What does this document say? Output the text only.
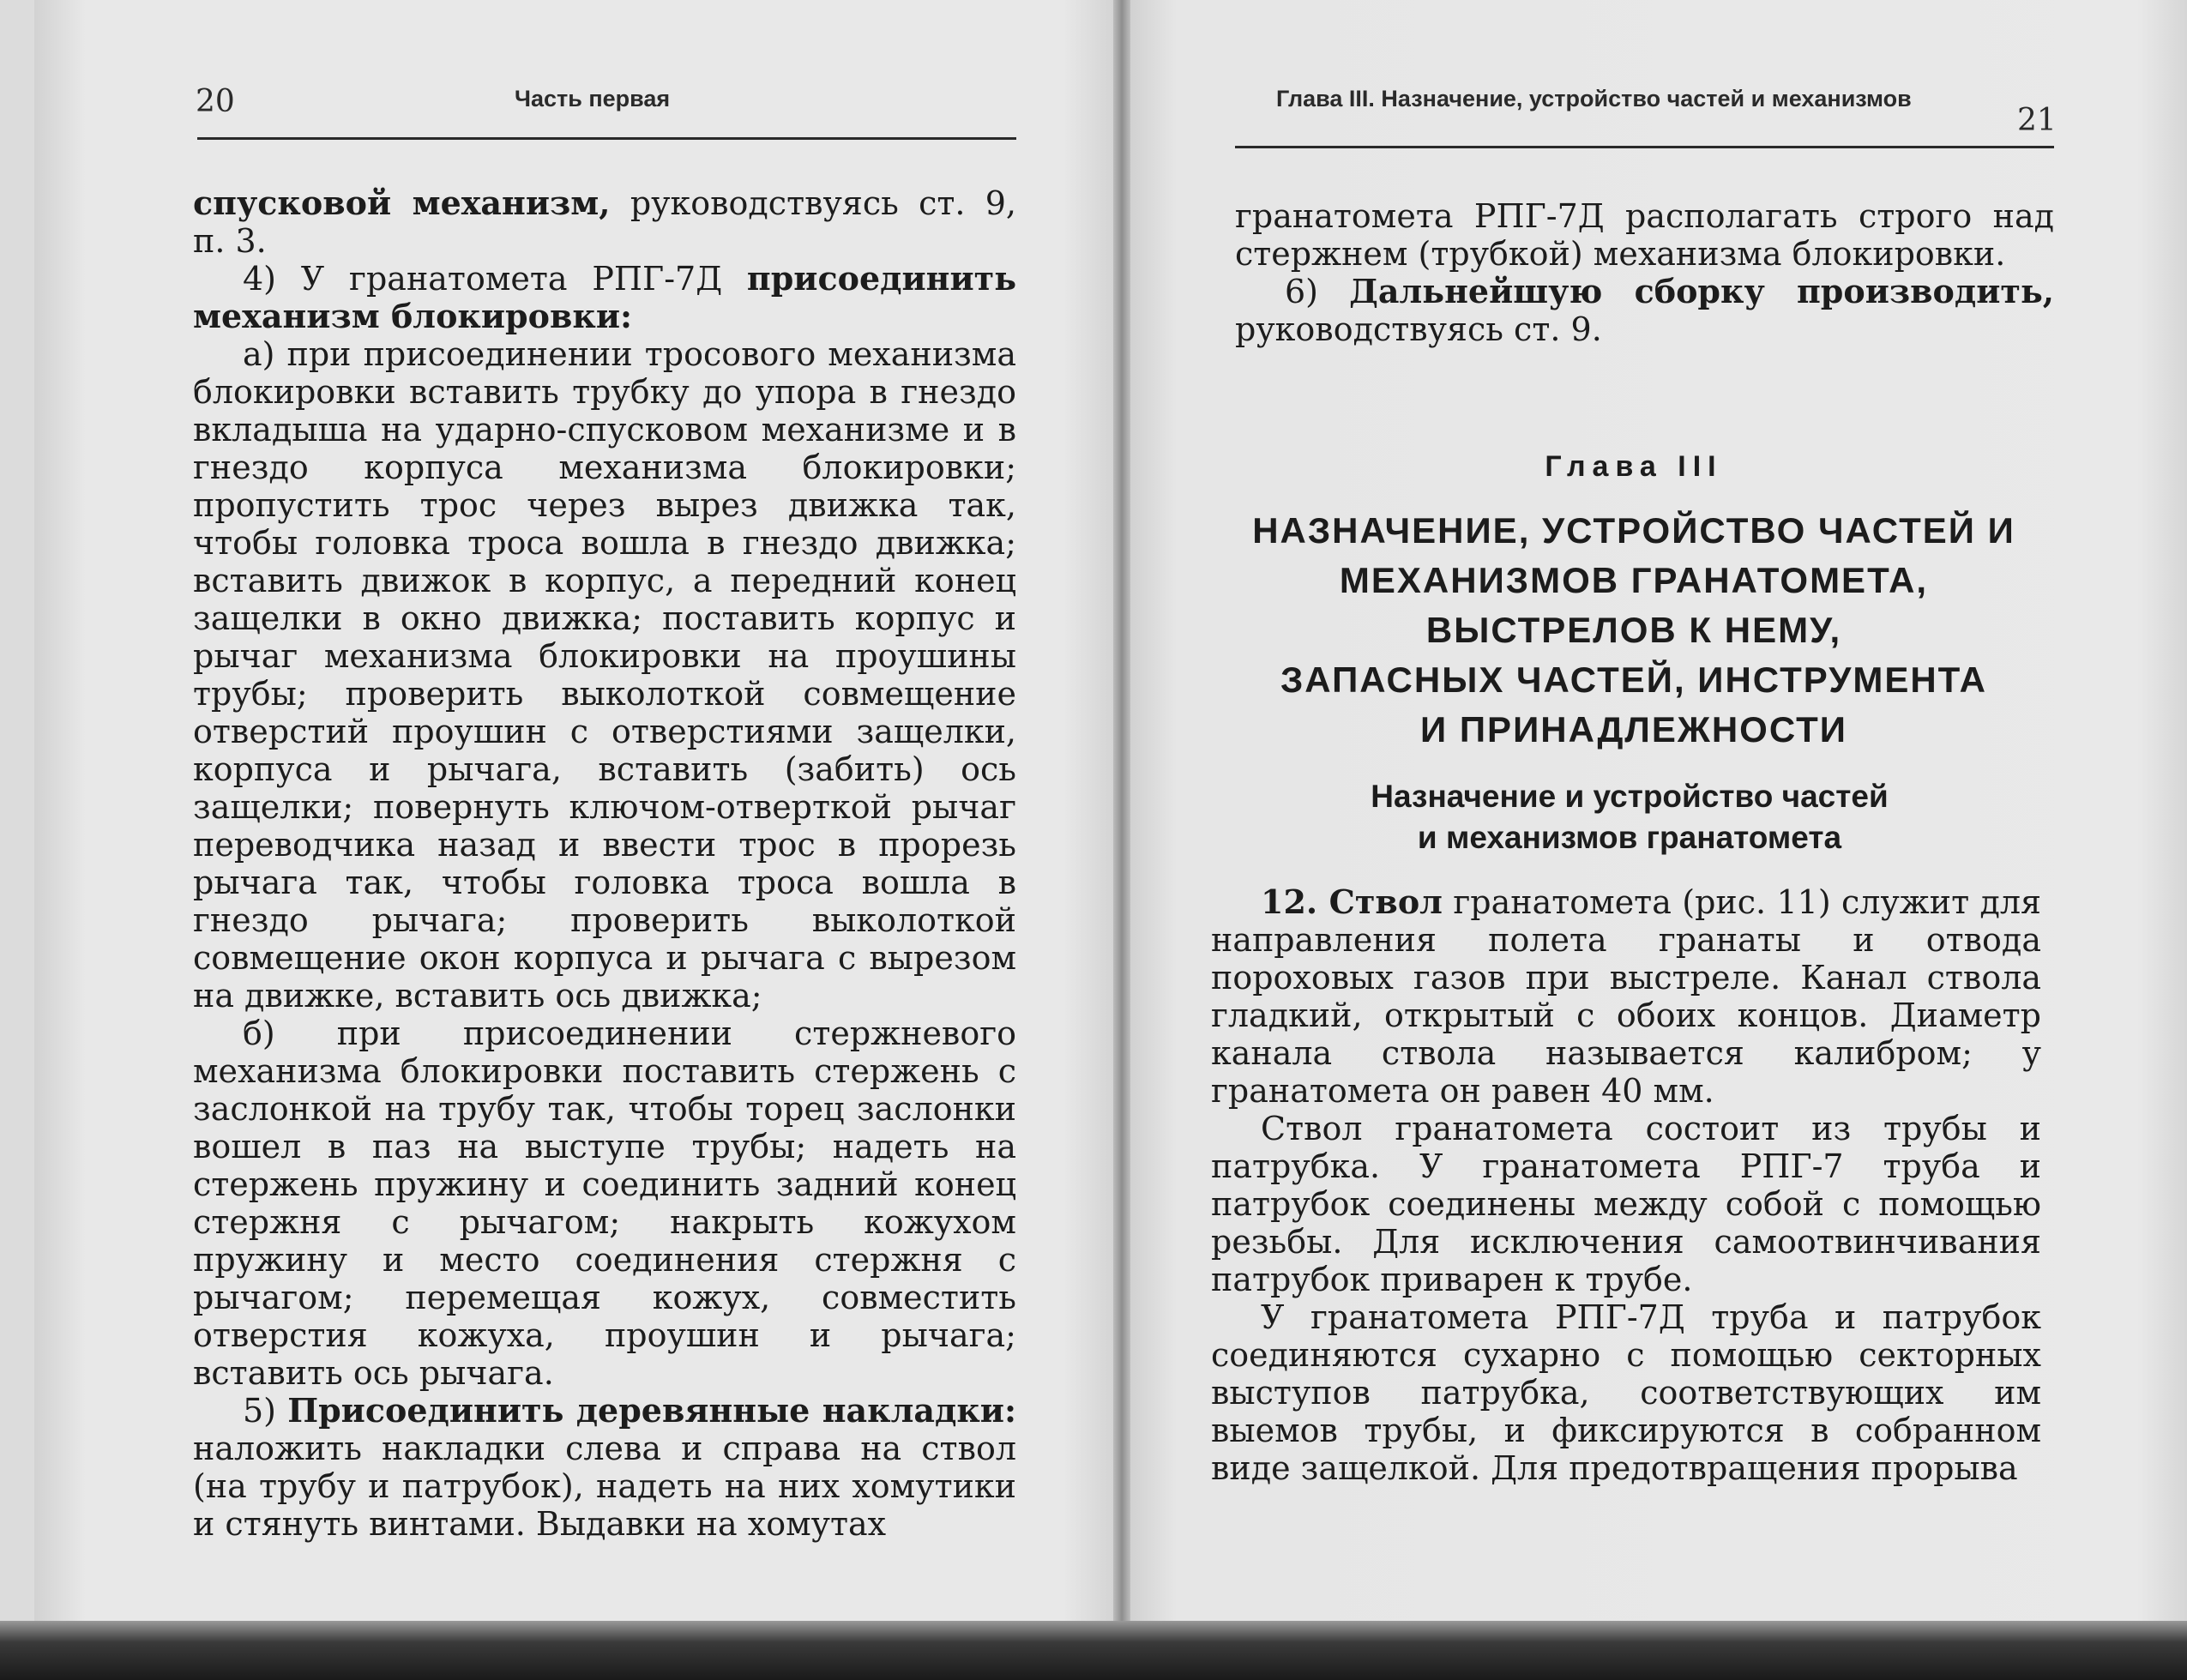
20	Часть первая

спусковой механизм, руководствуясь ст. 9, п. 3.

4) У гранатомета РПГ-7Д присоединить механизм блокировки:

а) при присоединении тросового механизма блокировки вставить трубку до упора в гнездо вкладыша на ударно-спусковом механизме и в гнездо корпуса механизма блокировки; пропустить трос через вырез движка так, чтобы головка троса вошла в гнездо движка; вставить движок в корпус, а передний конец защелки в окно движка; поставить корпус и рычаг механизма блокировки на проушины трубы; проверить выколоткой совмещение отверстий проушин с отверстиями защелки, корпуса и рычага, вставить (забить) ось защелки; повернуть ключом-отверткой рычаг переводчика назад и ввести трос в прорезь рычага так, чтобы головка троса вошла в гнездо рычага; проверить выколоткой совмещение окон корпуса и рычага с вырезом на движке, вставить ось движка;

б) при присоединении стержневого механизма блокировки поставить стержень с заслонкой на трубу так, чтобы торец заслонки вошел в паз на выступе трубы; надеть на стержень пружину и соединить задний конец стержня с рычагом; накрыть кожухом пружину и место соединения стержня с рычагом; перемещая кожух, совместить отверстия кожуха, проушин и рычага; вставить ось рычага.

5) Присоединить деревянные накладки: наложить накладки слева и справа на ствол (на трубу и патрубок), надеть на них хомутики и стянуть винтами. Выдавки на хомутах

Глава III. Назначение, устройство частей и механизмов
21

гранатомета РПГ-7Д располагать строго над стержнем (трубкой) механизма блокировки.

6) Дальнейшую сборку производить, руководствуясь ст. 9.

Глава III
НАЗНАЧЕНИЕ, УСТРОЙСТВО ЧАСТЕЙ И
МЕХАНИЗМОВ ГРАНАТОМЕТА,
ВЫСТРЕЛОВ К НЕМУ,
ЗАПАСНЫХ ЧАСТЕЙ, ИНСТРУМЕНТА
И ПРИНАДЛЕЖНОСТИ
Назначение и устройство частей
и механизмов гранатомета

12. Ствол гранатомета (рис. 11) служит для направления полета гранаты и отвода пороховых газов при выстреле. Канал ствола гладкий, открытый с обоих концов. Диаметр канала ствола называется калибром; у гранатомета он равен 40 мм.

Ствол гранатомета состоит из трубы и патрубка. У гранатомета РПГ-7 труба и патрубок соединены между собой с помощью резьбы. Для исключения самоотвинчивания патрубок приварен к трубе.

У гранатомета РПГ-7Д труба и патрубок соединяются сухарно с помощью секторных выступов патрубка, соответствующих им выемов трубы, и фиксируются в собранном виде защелкой. Для предотвращения прорыва
